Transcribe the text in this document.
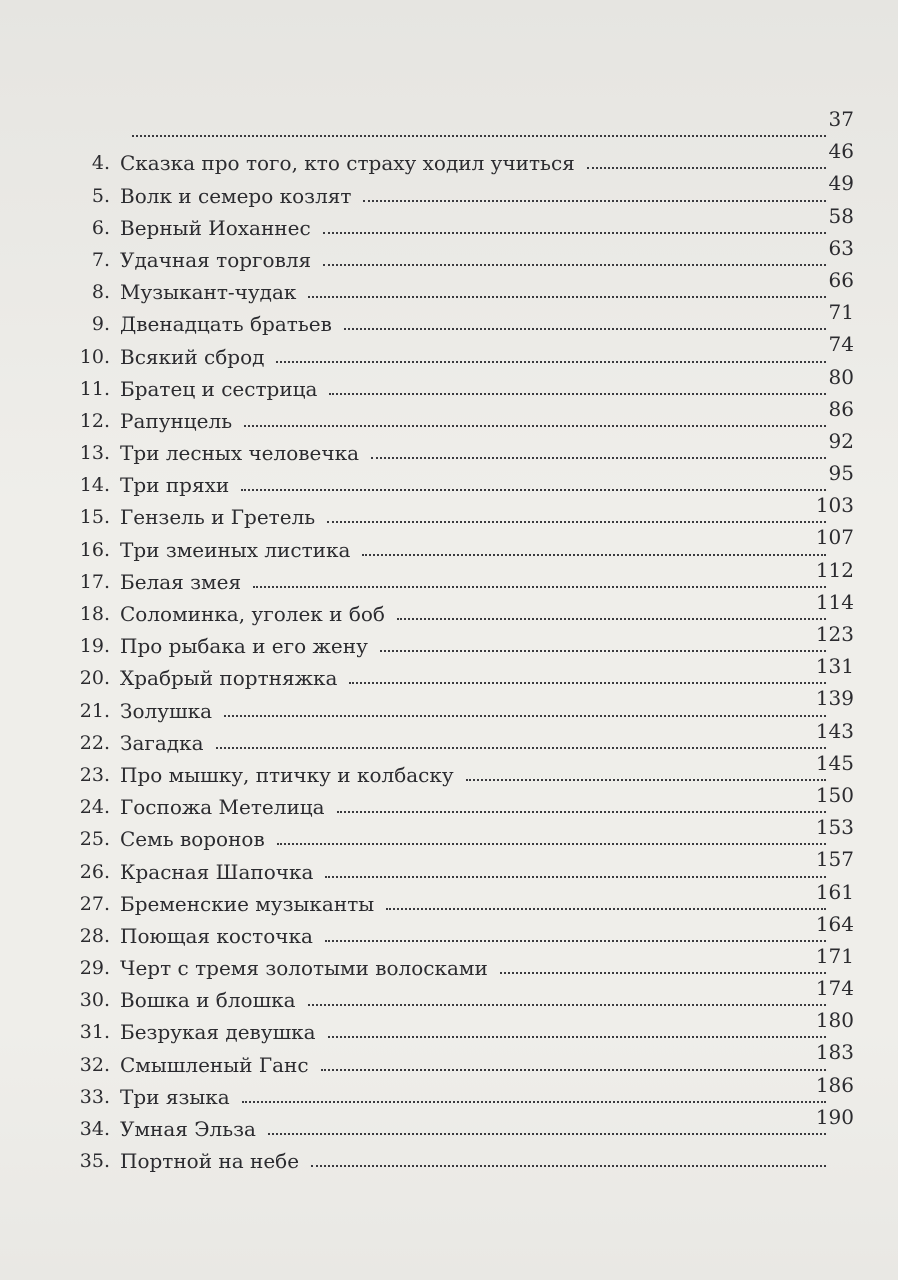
37
4. Сказка про того, кто страху ходил учиться
46
5. Волк и семеро козлят
49
6. Верный Иоханнес
58
7. Удачная торговля
63
8. Музыкант-чудак
66
9. Двенадцать братьев
71
10. Всякий сброд
74
11. Братец и сестрица
80
12. Рапунцель
86
13. Три лесных человечка
92
14. Три пряхи
95
15. Гензель и Гретель
103
16. Три змеиных листика
107
17. Белая змея
112
18. Соломинка, уголек и боб
114
19. Про рыбака и его жену
123
20. Храбрый портняжка
131
21. Золушка
139
22. Загадка
143
23. Про мышку, птичку и колбаску
145
24. Госпожа Метелица
150
25. Семь воронов
153
26. Красная Шапочка
157
27. Бременские музыканты
161
28. Поющая косточка
164
29. Черт с тремя золотыми волосками
171
30. Вошка и блошка
174
31. Безрукая девушка
180
32. Смышленый Ганс
183
33. Три языка
186
34. Умная Эльза
190
35. Портной на небе
